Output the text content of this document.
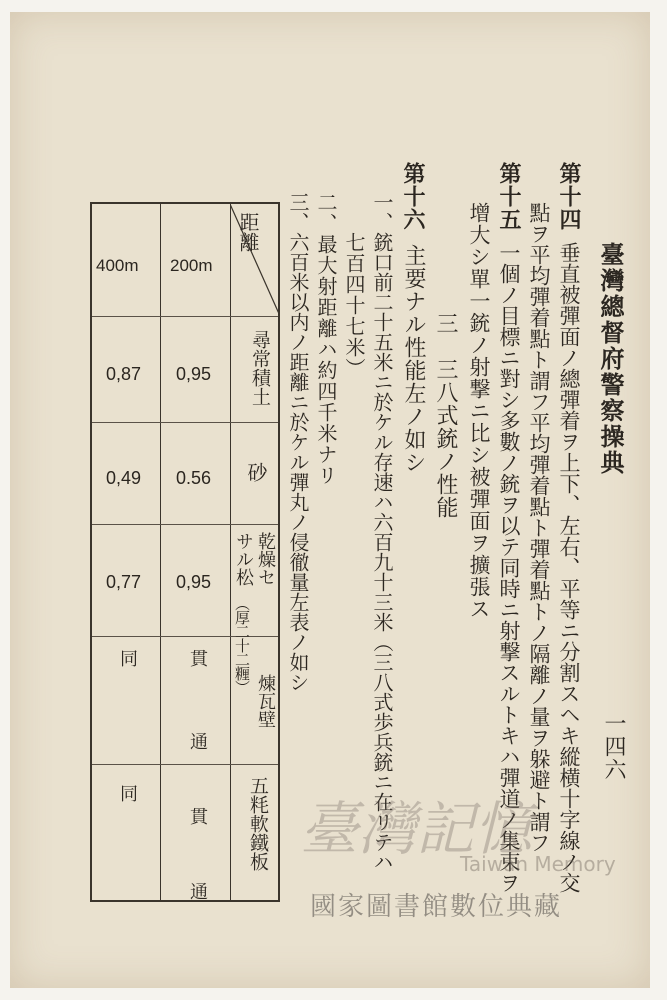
臺灣總督府警察操典
一四六
第十四
垂直被彈面ノ總彈着ヲ上下、左右、平等ニ分割スヘキ縱横十字線ノ交
點ヲ平均彈着點ト謂フ平均彈着點ト彈着點トノ隔離ノ量ヲ躲避ト謂フ
第十五
一個ノ目標ニ對シ多數ノ銃ヲ以テ同時ニ射撃スルトキハ彈道ノ集束ヲ
增大シ單一銃ノ射撃ニ比シ被彈面ヲ擴張ス
三　三八式銃ノ性能
第十六
主要ナル性能左ノ如シ
一、銃口前二十五米ニ於ケル存速ハ六百九十三米（三八式歩兵銃ニ在リテハ
七百四十七米）
二、最大射距離ハ約四千米ナリ
三、六百米以内ノ距離ニ於ケル彈丸ノ侵徹量左表ノ如シ
距離
400m 200m
尋常積土
0,87 0,95
砂
0,49 0.56
乾燥セ
サル松
（厚二十二糎）
0,77 0,95
煉瓦壁
同	貫
五粍軟鐵板
同	通 貫 通 臺灣記憶
Taiwan Memory
國家圖書館數位典藏
